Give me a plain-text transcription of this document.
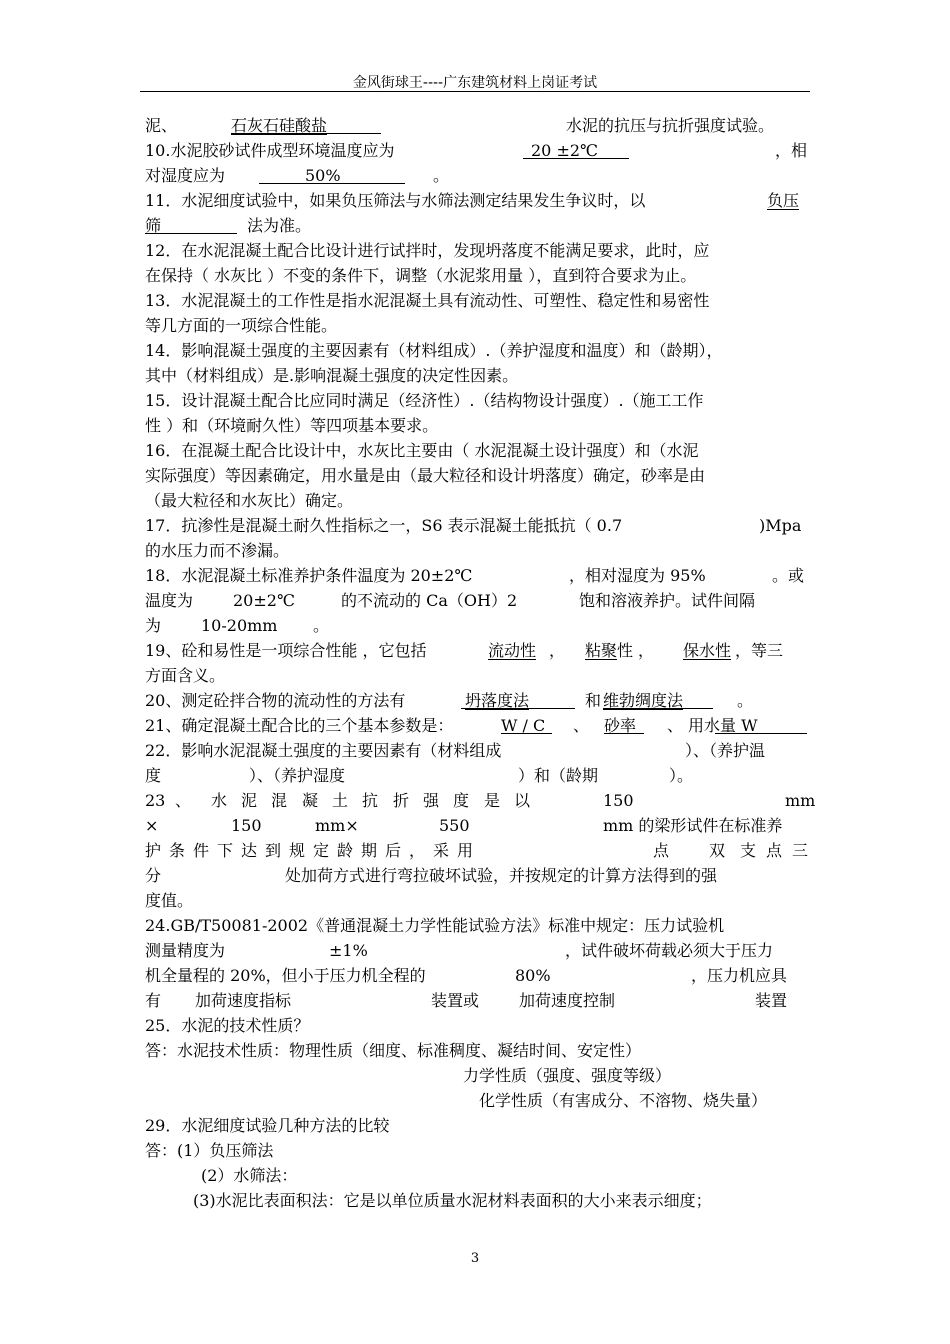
金风街球王----广东建筑材料上岗证考试
泥、	石灰石硅酸盐	水泥的抗压与抗折强度试验。
10.水泥胶砂试件成型环境温度应为	20 ±2℃	，相
对湿度应为	50%	。
11．水泥细度试验中，如果负压筛法与水筛法测定结果发生争议时，以	负压
筛	法为准。
12．在水泥混凝土配合比设计进行试拌时，发现坍落度不能满足要求，此时，应
在保持（ 水灰比 ）不变的条件下，调整（水泥浆用量 ），直到符合要求为止。
13．水泥混凝土的工作性是指水泥混凝土具有流动性、可塑性、稳定性和易密性
等几方面的一项综合性能。
14．影响混凝土强度的主要因素有（材料组成）.（养护湿度和温度）和（龄期），
其中（材料组成）是.影响混凝土强度的决定性因素。
15．设计混凝土配合比应同时满足（经济性）.（结构物设计强度）.（施工工作
性 ）和（环境耐久性）等四项基本要求。
16．在混凝土配合比设计中，水灰比主要由（ 水泥混凝土设计强度）和（水泥
实际强度）等因素确定，用水量是由（最大粒径和设计坍落度）确定，砂率是由
（最大粒径和水灰比）确定。
17．抗渗性是混凝土耐久性指标之一，S6 表示混凝土能抵抗（ 0.7	)Mpa
的水压力而不渗漏。
18．水泥混凝土标准养护条件温度为 20±2℃	，相对湿度为 95%	。或
温度为 20±2℃	的不流动的 Ca（OH）2	饱和溶液养护。试件间隔
为 10-20mm 。
19、砼和易性是一项综合性能 ，它包括	流动性 ， 粘聚 性 ， 保水性 ，等三
方面含义。
20、测定砼拌合物的流动性的方法有	坍落度法	和 维勃绸度法	。
21、确定混凝土配合比的三个基本参数是：	W / C 、 砂率 、 用水量 W
22．影响水泥混凝土强度的主要因素有（材料组成	）、（养护温
度	）、（养护湿度	）和（龄期	）。
23 、 水 泥 混 凝 土 抗 折 强 度 是 以	150	mm
×	150	mm×	550	mm 的梁形试件在标准养
护 条 件 下 达 到 规 定 龄 期 后 ， 采 用	点 双 支 点 三
分	处加荷方式进行弯拉破坏试验，并按规定的计算方法得到的强
度值。
24.GB/T50081-2002《普通混凝土力学性能试验方法》标准中规定：压力试验机
测量精度为	±1%	，试件破坏荷载必须大于压力
机全量程的 20%，但小于压力机全程的	80%	，压力机应具
有 加荷速度指标	装置或 加荷速度控制	装置
25．水泥的技术性质？
答：水泥技术性质：物理性质（细度、标准稠度、凝结时间、安定性）
力学性质（强度、强度等级）
化学性质（有害成分、不溶物、烧失量）
29．水泥细度试验几种方法的比较
答：(1）负压筛法
(2）水筛法：
(3)水泥比表面积法：它是以单位质量水泥材料表面积的大小来表示细度；
3
